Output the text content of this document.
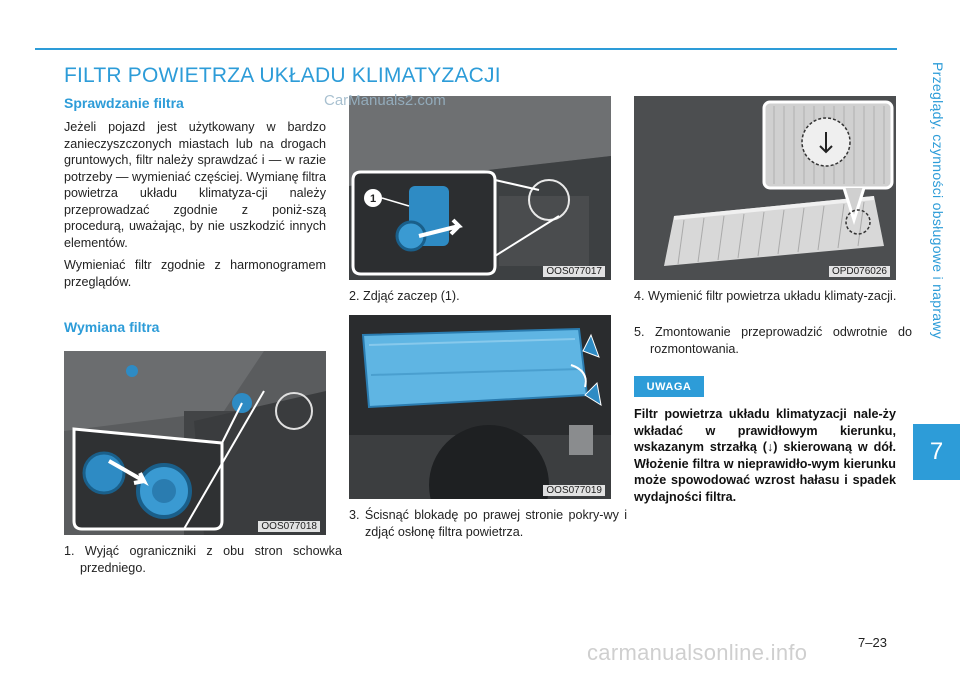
Przeglądy, czynności obsługowe i naprawy
7
FILTR POWIETRZA UKŁADU KLIMATYZACJI
Sprawdzanie filtra

Jeżeli pojazd jest użytkowany w bardzo zanieczyszczonych miastach lub na drogach gruntowych, filtr należy sprawdzać i — w razie potrzeby — wymieniać częściej. Wymianę filtra powietrza układu klimatyza-cji należy przeprowadzać zgodnie z poniż-szą procedurą, uważając, by nie uszkodzić innych elementów.

Wymieniać filtr zgodnie z harmonogramem przeglądów.

Wymiana filtra
OOS077018

1. Wyjąć ograniczniki z obu stron schowka przedniego.

1
OOS077017

2. Zdjąć zaczep (1).

OOS077019

3. Ścisnąć blokadę po prawej stronie pokry-wy i zdjąć osłonę filtra powietrza.

OPD076026

4. Wymienić filtr powietrza układu klimaty-zacji.

5. Zmontowanie przeprowadzić odwrotnie do rozmontowania.

UWAGA

Filtr powietrza układu klimatyzacji nale-ży wkładać w prawidłowym kierunku, wskazanym strzałką (↓) skierowaną w dół. Włożenie filtra w nieprawidło-wym kierunku może spowodować wzrost hałasu i spadek wydajności filtra.

CarManuals2.com
7–23
carmanualsonline.info
